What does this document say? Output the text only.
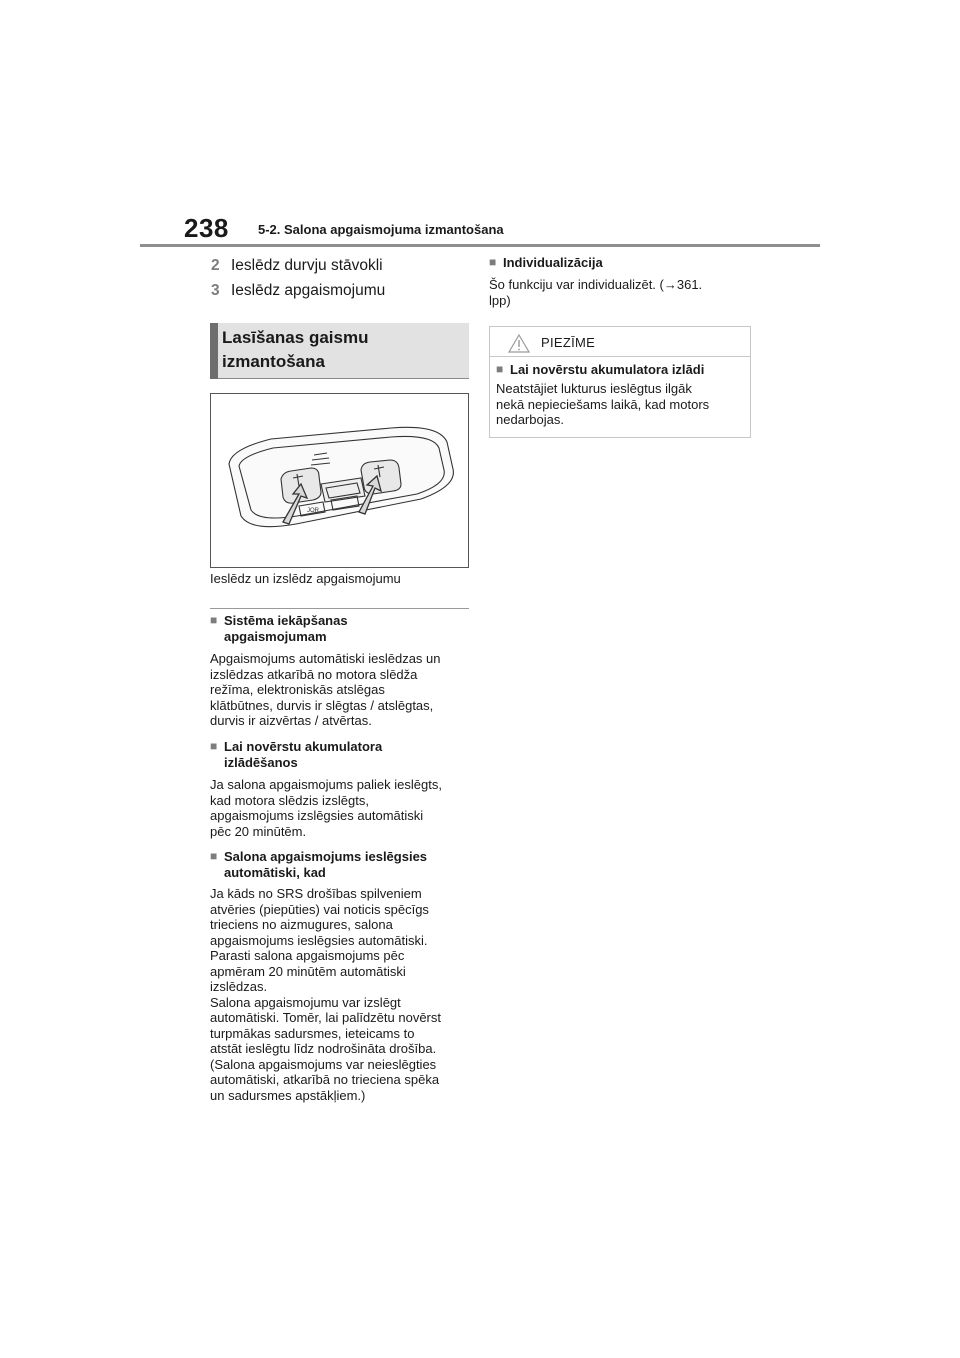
238 5-2. Salona apgaismojuma izmantošana
2 Ieslēdz durvju stāvokli
3 Ieslēdz apgaismojumu
Lasīšanas gaismu
izmantošana
JOR
Ieslēdz un izslēdz apgaismojumu
■ Sistēma iekāpšanas
apgaismojumam
Apgaismojums automātiski ieslēdzas un
izslēdzas atkarībā no motora slēdža
režīma, elektroniskās atslēgas
klātbūtnes, durvis ir slēgtas / atslēgtas,
durvis ir aizvērtas / atvērtas.
■ Lai novērstu akumulatora
izlādēšanos
Ja salona apgaismojums paliek ieslēgts,
kad motora slēdzis izslēgts,
apgaismojums izslēgsies automātiski
pēc 20 minūtēm.
■ Salona apgaismojums ieslēgsies
automātiski, kad
Ja kāds no SRS drošības spilveniem
atvēries (piepūties) vai noticis spēcīgs
trieciens no aizmugures, salona
apgaismojums ieslēgsies automātiski.
Parasti salona apgaismojums pēc
apmēram 20 minūtēm automātiski
izslēdzas.
Salona apgaismojumu var izslēgt
automātiski. Tomēr, lai palīdzētu novērst
turpmākas sadursmes, ieteicams to
atstāt ieslēgtu līdz nodrošināta drošība.
(Salona apgaismojums var neieslēgties
automātiski, atkarībā no trieciena spēka
un sadursmes apstākļiem.)
■ Individualizācija
Šo funkciju var individualizēt. (→361.
lpp)
PIEZĪME
■ Lai novērstu akumulatora izlādi
Neatstājiet lukturus ieslēgtus ilgāk
nekā nepieciešams laikā, kad motors
nedarbojas.
